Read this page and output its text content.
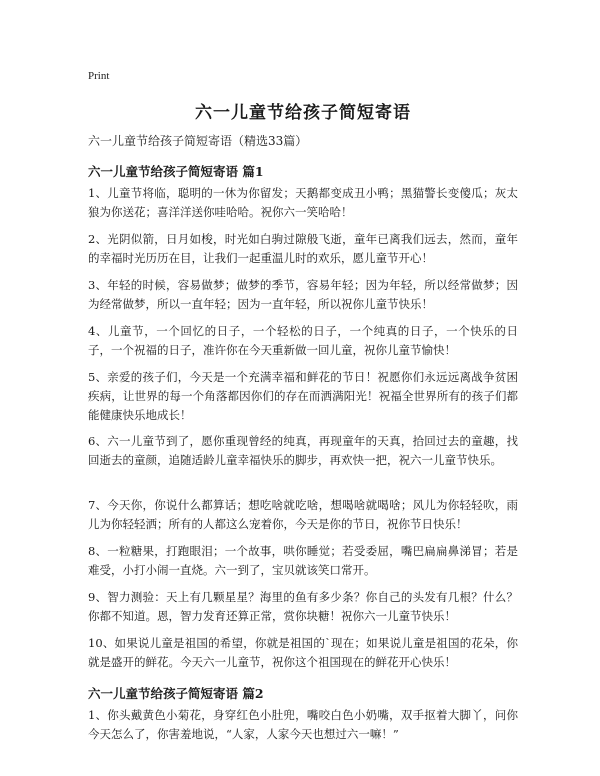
Print
六一儿童节给孩子简短寄语

六一儿童节给孩子简短寄语（精选33篇）

六一儿童节给孩子简短寄语 篇1

1、儿童节将临，聪明的一休为你留发；天鹅都变成丑小鸭；黑猫警长变傻瓜；灰太狼为你送花；喜洋洋送你哇哈哈。祝你六一笑哈哈！

2、光阴似箭，日月如梭，时光如白驹过隙般飞逝，童年已离我们远去，然而，童年的幸福时光历历在目，让我们一起重温儿时的欢乐，愿儿童节开心！

3、年轻的时候，容易做梦；做梦的季节，容易年轻；因为年轻，所以经常做梦；因为经常做梦，所以一直年轻；因为一直年轻，所以祝你儿童节快乐！

4、儿童节，一个回忆的日子，一个轻松的日子，一个纯真的日子，一个快乐的日子，一个祝福的日子，准许你在今天重新做一回儿童，祝你儿童节愉快！

5、亲爱的孩子们，今天是一个充满幸福和鲜花的节日！祝愿你们永远远离战争贫困疾病，让世界的每一个角落都因你们的存在而洒满阳光！祝福全世界所有的孩子们都能健康快乐地成长！

6、六一儿童节到了，愿你重现曾经的纯真，再现童年的天真，拾回过去的童趣，找回逝去的童颜，追随适龄儿童幸福快乐的脚步，再欢快一把，祝六一儿童节快乐。

7、今天你，你说什么都算话；想吃啥就吃啥，想喝啥就喝啥；风儿为你轻轻吹，雨儿为你轻轻洒；所有的人都这么宠着你，今天是你的节日，祝你节日快乐！

8、一粒糖果，打跑眼泪；一个故事，哄你睡觉；若受委屈，嘴巴扁扁鼻涕冒；若是难受，小打小闹一直烧。六一到了，宝贝就该笑口常开。

9、智力测验：天上有几颗星星？海里的鱼有多少条？你自己的头发有几根？什么？你都不知道。恩，智力发育还算正常，赏你块糖！祝你六一儿童节快乐！

10、如果说儿童是祖国的希望，你就是祖国的`现在；如果说儿童是祖国的花朵，你就是盛开的鲜花。今天六一儿童节，祝你这个祖国现在的鲜花开心快乐！

六一儿童节给孩子简短寄语 篇2

1、你头戴黄色小菊花，身穿红色小肚兜，嘴咬白色小奶嘴，双手抠着大脚丫，问你今天怎么了，你害羞地说，“人家，人家今天也想过六一嘛！”
